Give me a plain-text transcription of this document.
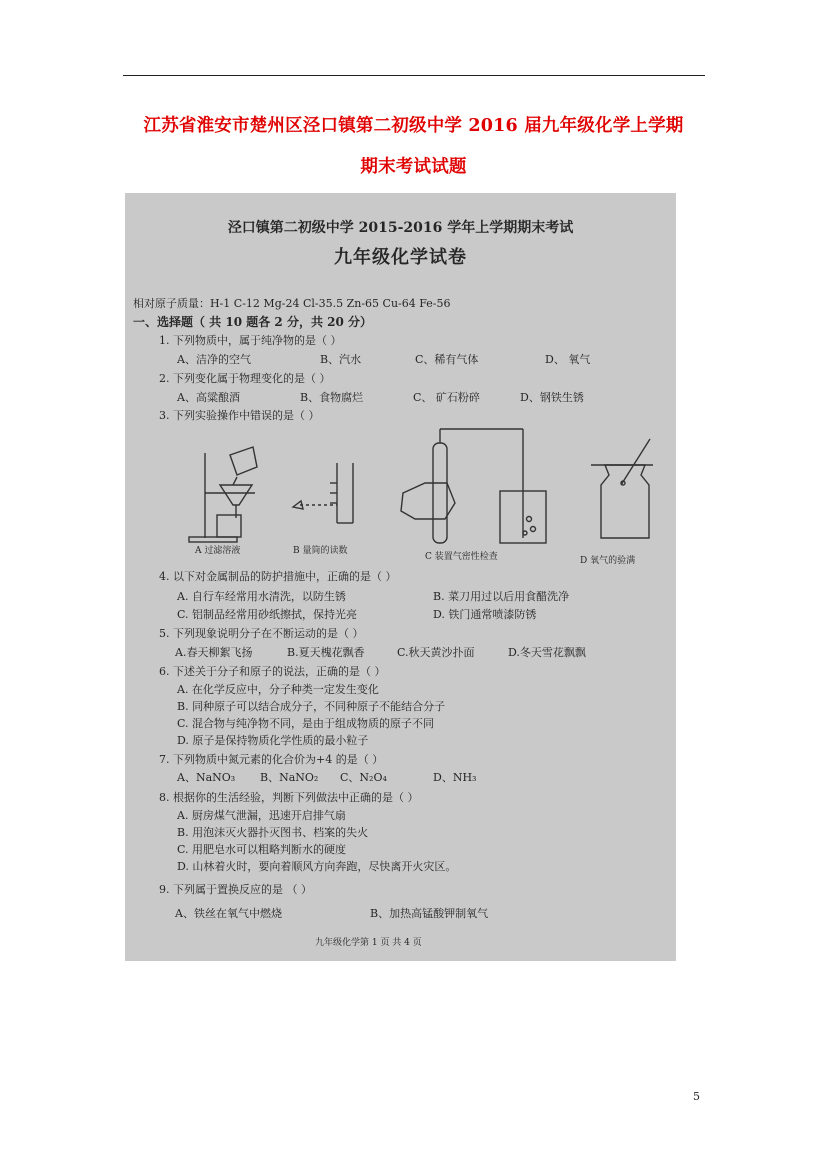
江苏省淮安市楚州区泾口镇第二初级中学 2016 届九年级化学上学期
期末考试试题
泾口镇第二初级中学 2015-2016 学年上学期期末考试
九年级化学试卷
相对原子质量：H-1 C-12 Mg-24 Cl-35.5 Zn-65 Cu-64 Fe-56
一、选择题（ 共 10 题各 2 分，共 20 分）
1. 下列物质中，属于纯净物的是（ ）
A、洁净的空气	B、汽水	C、稀有气体	D、 氧气
2. 下列变化属于物理变化的是（ ）
A、高粱酿酒	B、食物腐烂	C、 矿石粉碎	D、钢铁生锈
3. 下列实验操作中错误的是（ ）
A 过滤溶液	B 量筒的读数
C 装置气密性检查	D 氧气的验满
4. 以下对金属制品的防护措施中，正确的是（ ）
A. 自行车经常用水清洗，以防生锈	B. 菜刀用过以后用食醋洗净
C. 铝制品经常用砂纸擦拭，保持光亮	D. 铁门通常喷漆防锈
5. 下列现象说明分子在不断运动的是（ ）
A.春天柳絮飞扬	B.夏天槐花飘香	C.秋天黄沙扑面	D.冬天雪花飘飘
6. 下述关于分子和原子的说法，正确的是（ ）
A. 在化学反应中，分子种类一定发生变化
B. 同种原子可以结合成分子，不同种原子不能结合分子
C. 混合物与纯净物不同，是由于组成物质的原子不同
D. 原子是保持物质化学性质的最小粒子
7. 下列物质中氮元素的化合价为+4 的是（ ）
A、NaNO₃ B、NaNO₂ C、N₂O₄	D、NH₃
8. 根据你的生活经验，判断下列做法中正确的是（ ）
A. 厨房煤气泄漏，迅速开启排气扇
B. 用泡沫灭火器扑灭图书、档案的失火
C. 用肥皂水可以粗略判断水的硬度
D. 山林着火时，要向着顺风方向奔跑，尽快离开火灾区。
9. 下列属于置换反应的是 （ ）
A、铁丝在氧气中燃烧	B、加热高锰酸钾制氧气
九年级化学第 1 页 共 4 页
5
